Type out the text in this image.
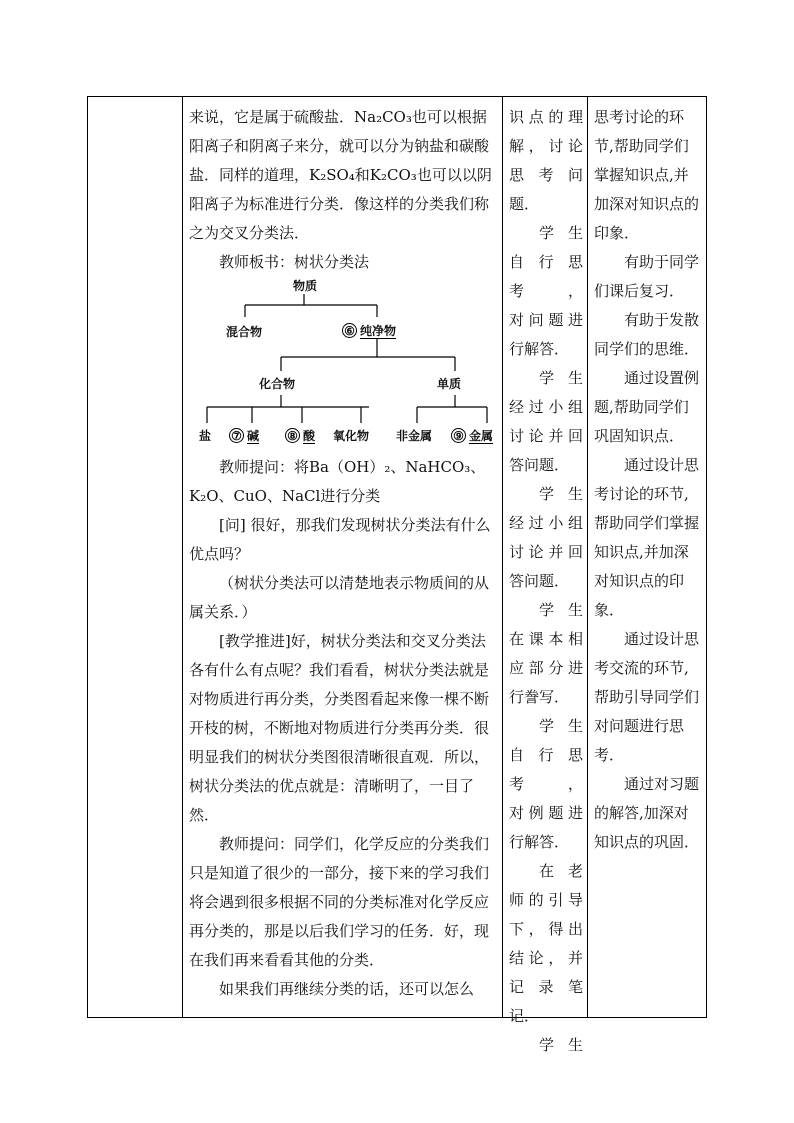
来说，它是属于硫酸盐．Na₂CO₃也可以根据阳离子和阴离子来分，就可以分为钠盐和碳酸盐．同样的道理，K₂SO₄和K₂CO₃也可以以阴阳离子为标准进行分类．像这样的分类我们称之为交叉分类法．

教师板书：树状分类法

物质
混合物	⑥ 纯净物
化合物	单质
盐 ⑦ 碱 ⑧ 酸 氧化物 非金属 ⑨ 金属

教师提问：将Ba（OH）₂、NaHCO₃、K₂O、CuO、NaCl进行分类

[问] 很好，那我们发现树状分类法有什么优点吗？

（树状分类法可以清楚地表示物质间的从属关系．）

[教学推进]好，树状分类法和交叉分类法各有什么有点呢？我们看看，树状分类法就是对物质进行再分类，分类图看起来像一棵不断开枝的树，不断地对物质进行分类再分类．很明显我们的树状分类图很清晰很直观．所以，树状分类法的优点就是：清晰明了，一目了然．

教师提问：同学们，化学反应的分类我们只是知道了很少的一部分，接下来的学习我们将会遇到很多根据不同的分类标准对化学反应再分类的，那是以后我们学习的任务．好，现在我们再来看看其他的分类．

如果我们再继续分类的话，还可以怎么

识点的理

解，讨论

思考问

题．

学生

自行思考，

对问题进

行解答．

学生

经过小组

讨论并回

答问题．

学生

经过小组

讨论并回

答问题．

学生

在课本相

应部分进

行誊写．

学生

自行思考，

对例题进

行解答．

在老

师的引导

下，得出

结论，并

记录笔

记．

学生

思考讨论的环节,帮助同学们掌握知识点,并加深对知识点的印象．

有助于同学们课后复习．

有助于发散同学们的思维．

通过设置例题,帮助同学们巩固知识点．

通过设计思考讨论的环节,帮助同学们掌握知识点,并加深对知识点的印象．

通过设计思考交流的环节,帮助引导同学们对问题进行思考．

通过对习题的解答,加深对知识点的巩固．
